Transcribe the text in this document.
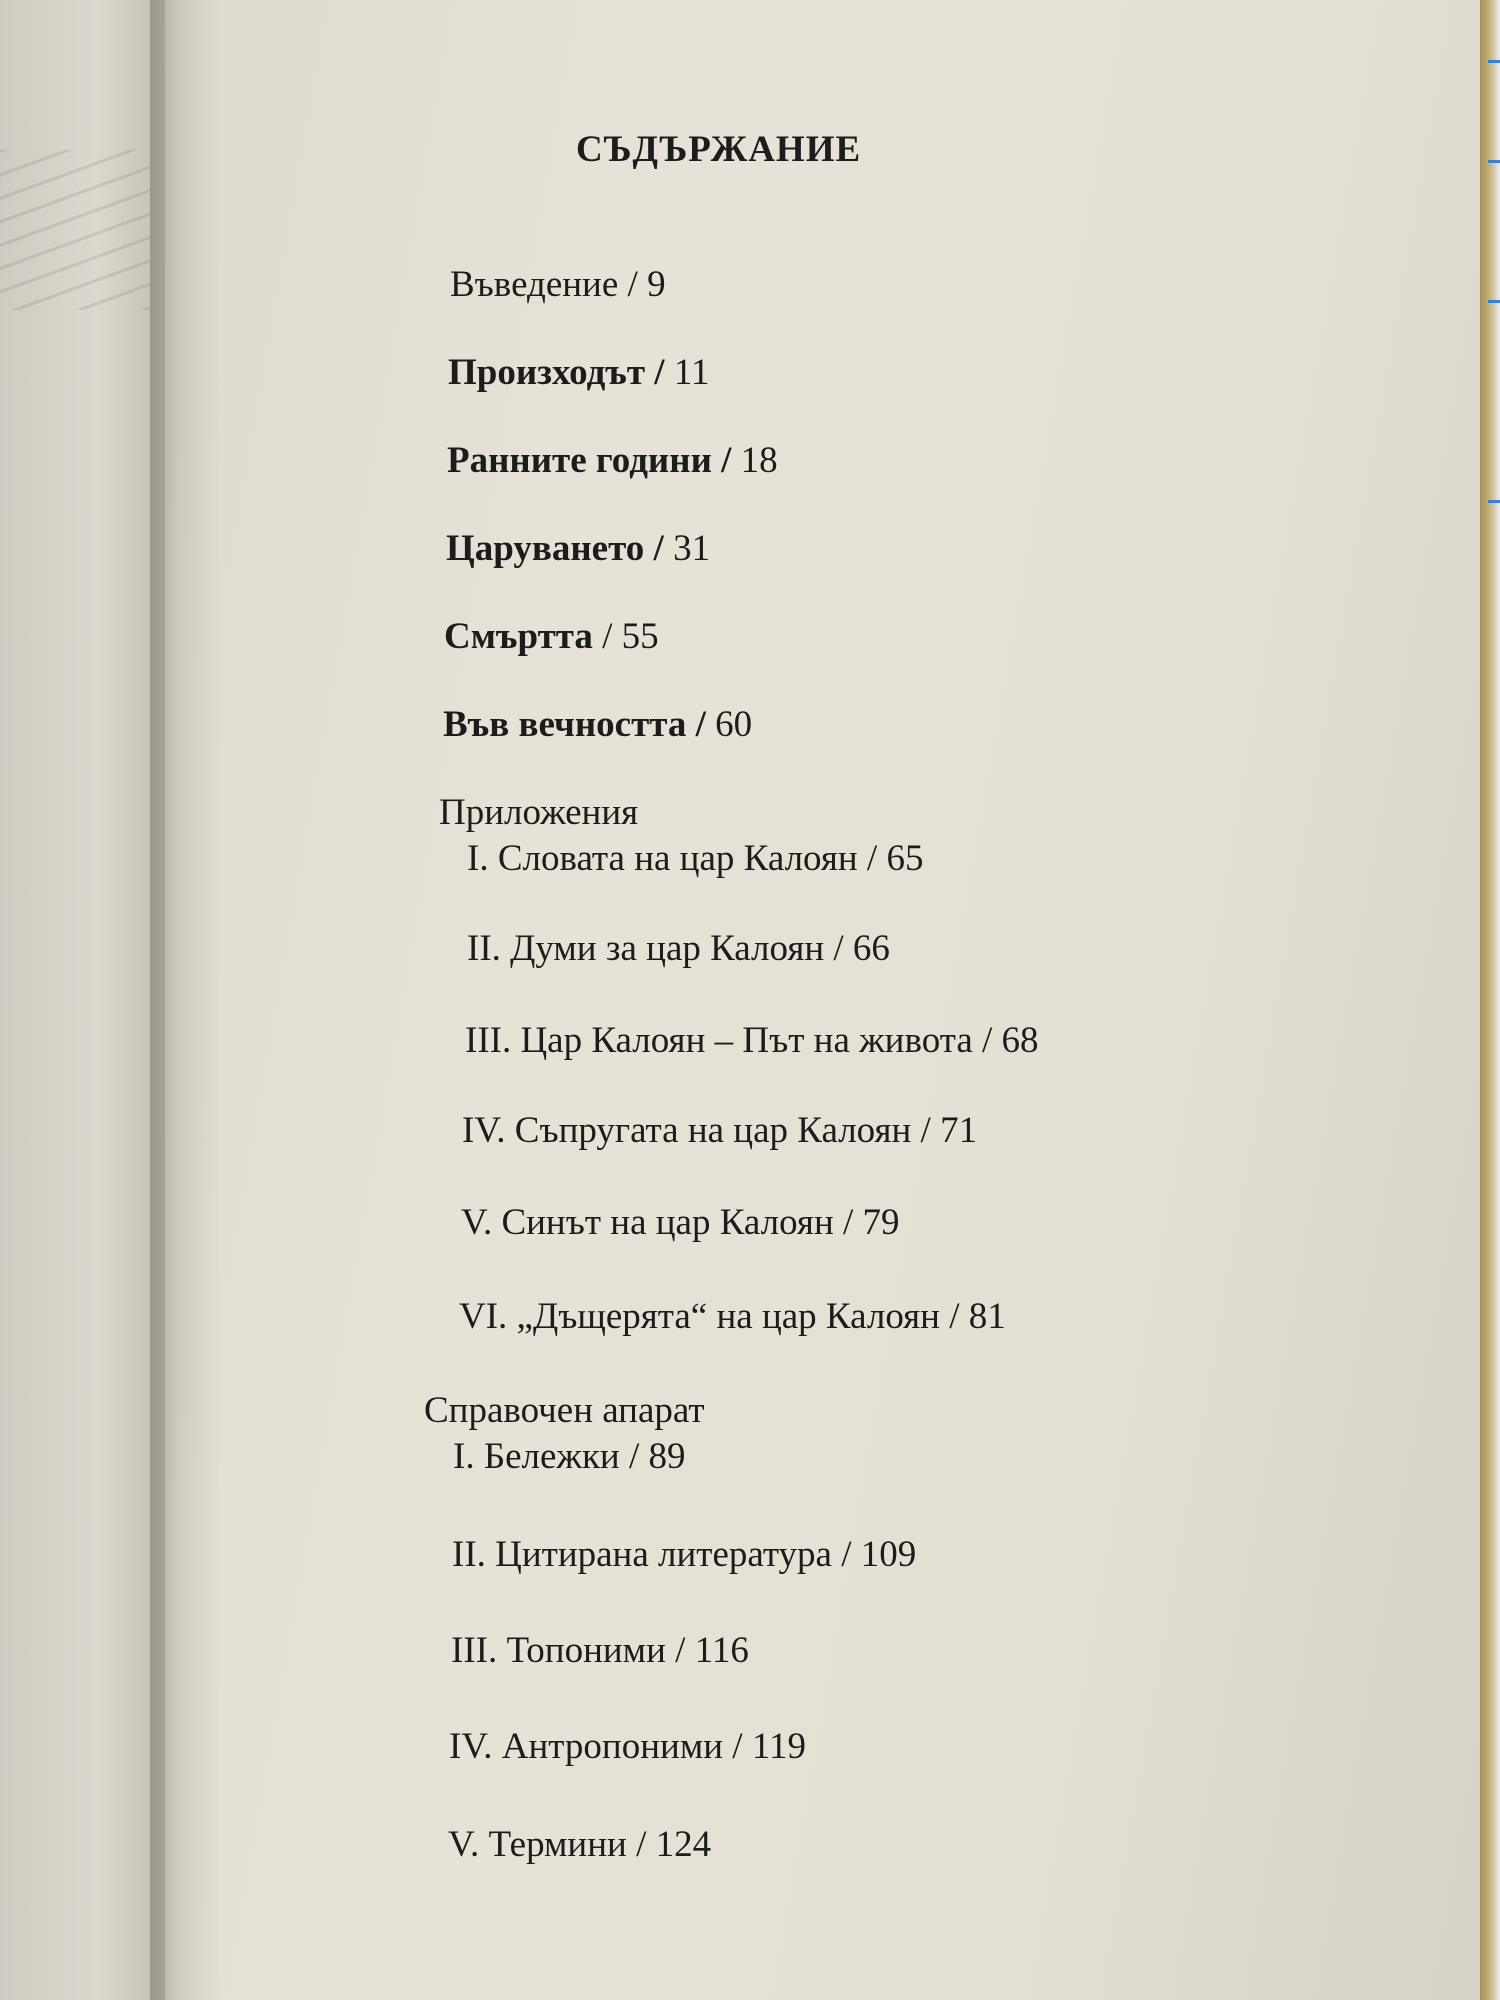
СЪДЪРЖАНИЕ
Въведение / 9
Произходът / 11
Ранните години / 18
Царуването / 31
Смъртта / 55
Във вечността / 60
Приложения
I. Словата на цар Калоян / 65
II. Думи за цар Калоян / 66
III. Цар Калоян – Път на живота / 68
IV. Съпругата на цар Калоян / 71
V. Синът на цар Калоян / 79
VI. „Дъщерята“ на цар Калоян / 81
Справочен апарат
I. Бележки / 89
II. Цитирана литература / 109
III. Топоними / 116
IV. Антропоними / 119
V. Термини / 124
